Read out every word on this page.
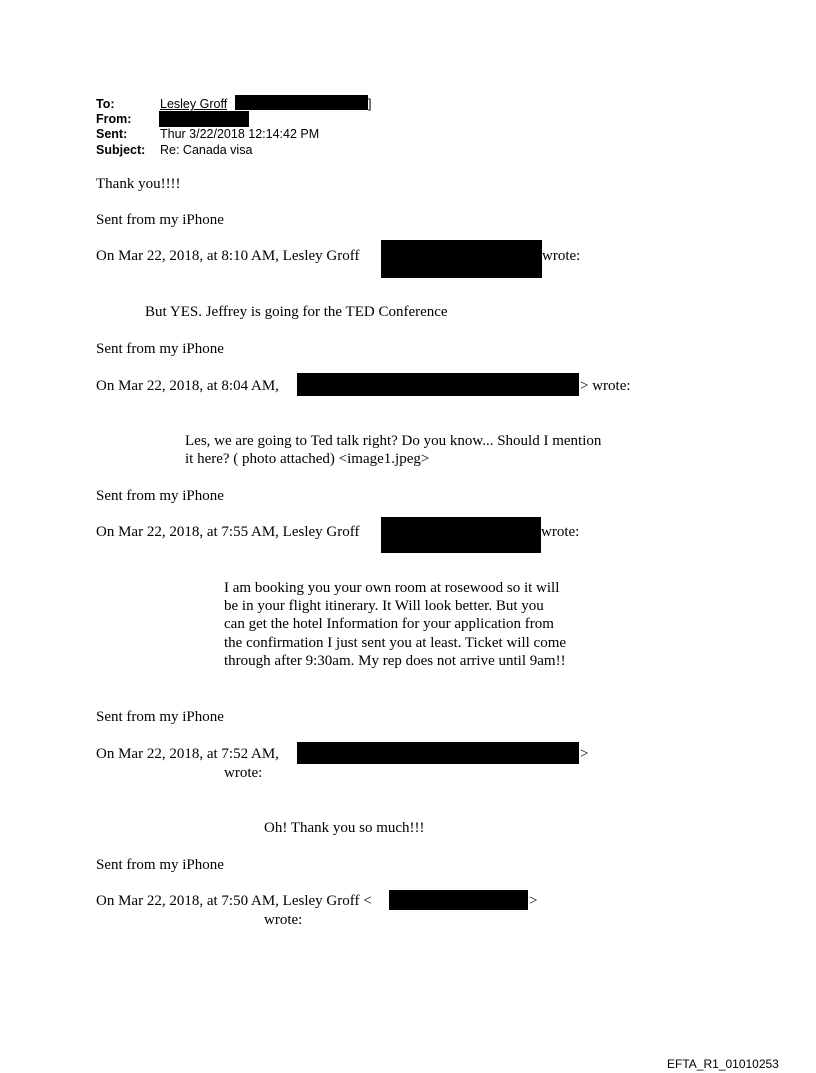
To:	Lesley Groff	]
From:
Sent:	Thur 3/22/2018 12:14:42 PM
Subject: Re: Canada visa
Thank you!!!!
Sent from my iPhone
On Mar 22, 2018, at 8:10 AM, Lesley Groff	wrote:
But YES. Jeffrey is going for the TED Conference
Sent from my iPhone
On Mar 22, 2018, at 8:04 AM,	> wrote:
Les, we are going to Ted talk right? Do you know... Should I mention
it here? ( photo attached) <image1.jpeg>
Sent from my iPhone
On Mar 22, 2018, at 7:55 AM, Lesley Groff	wrote:
I am booking you your own room at rosewood so it will
be in your flight itinerary. It Will look better. But you
can get the hotel Information for your application from
the confirmation I just sent you at least. Ticket will come
through after 9:30am. My rep does not arrive until 9am!!
Sent from my iPhone
On Mar 22, 2018, at 7:52 AM,	>
wrote:
Oh! Thank you so much!!!
Sent from my iPhone
On Mar 22, 2018, at 7:50 AM, Lesley Groff <	>
wrote:
EFTA_R1_01010253
